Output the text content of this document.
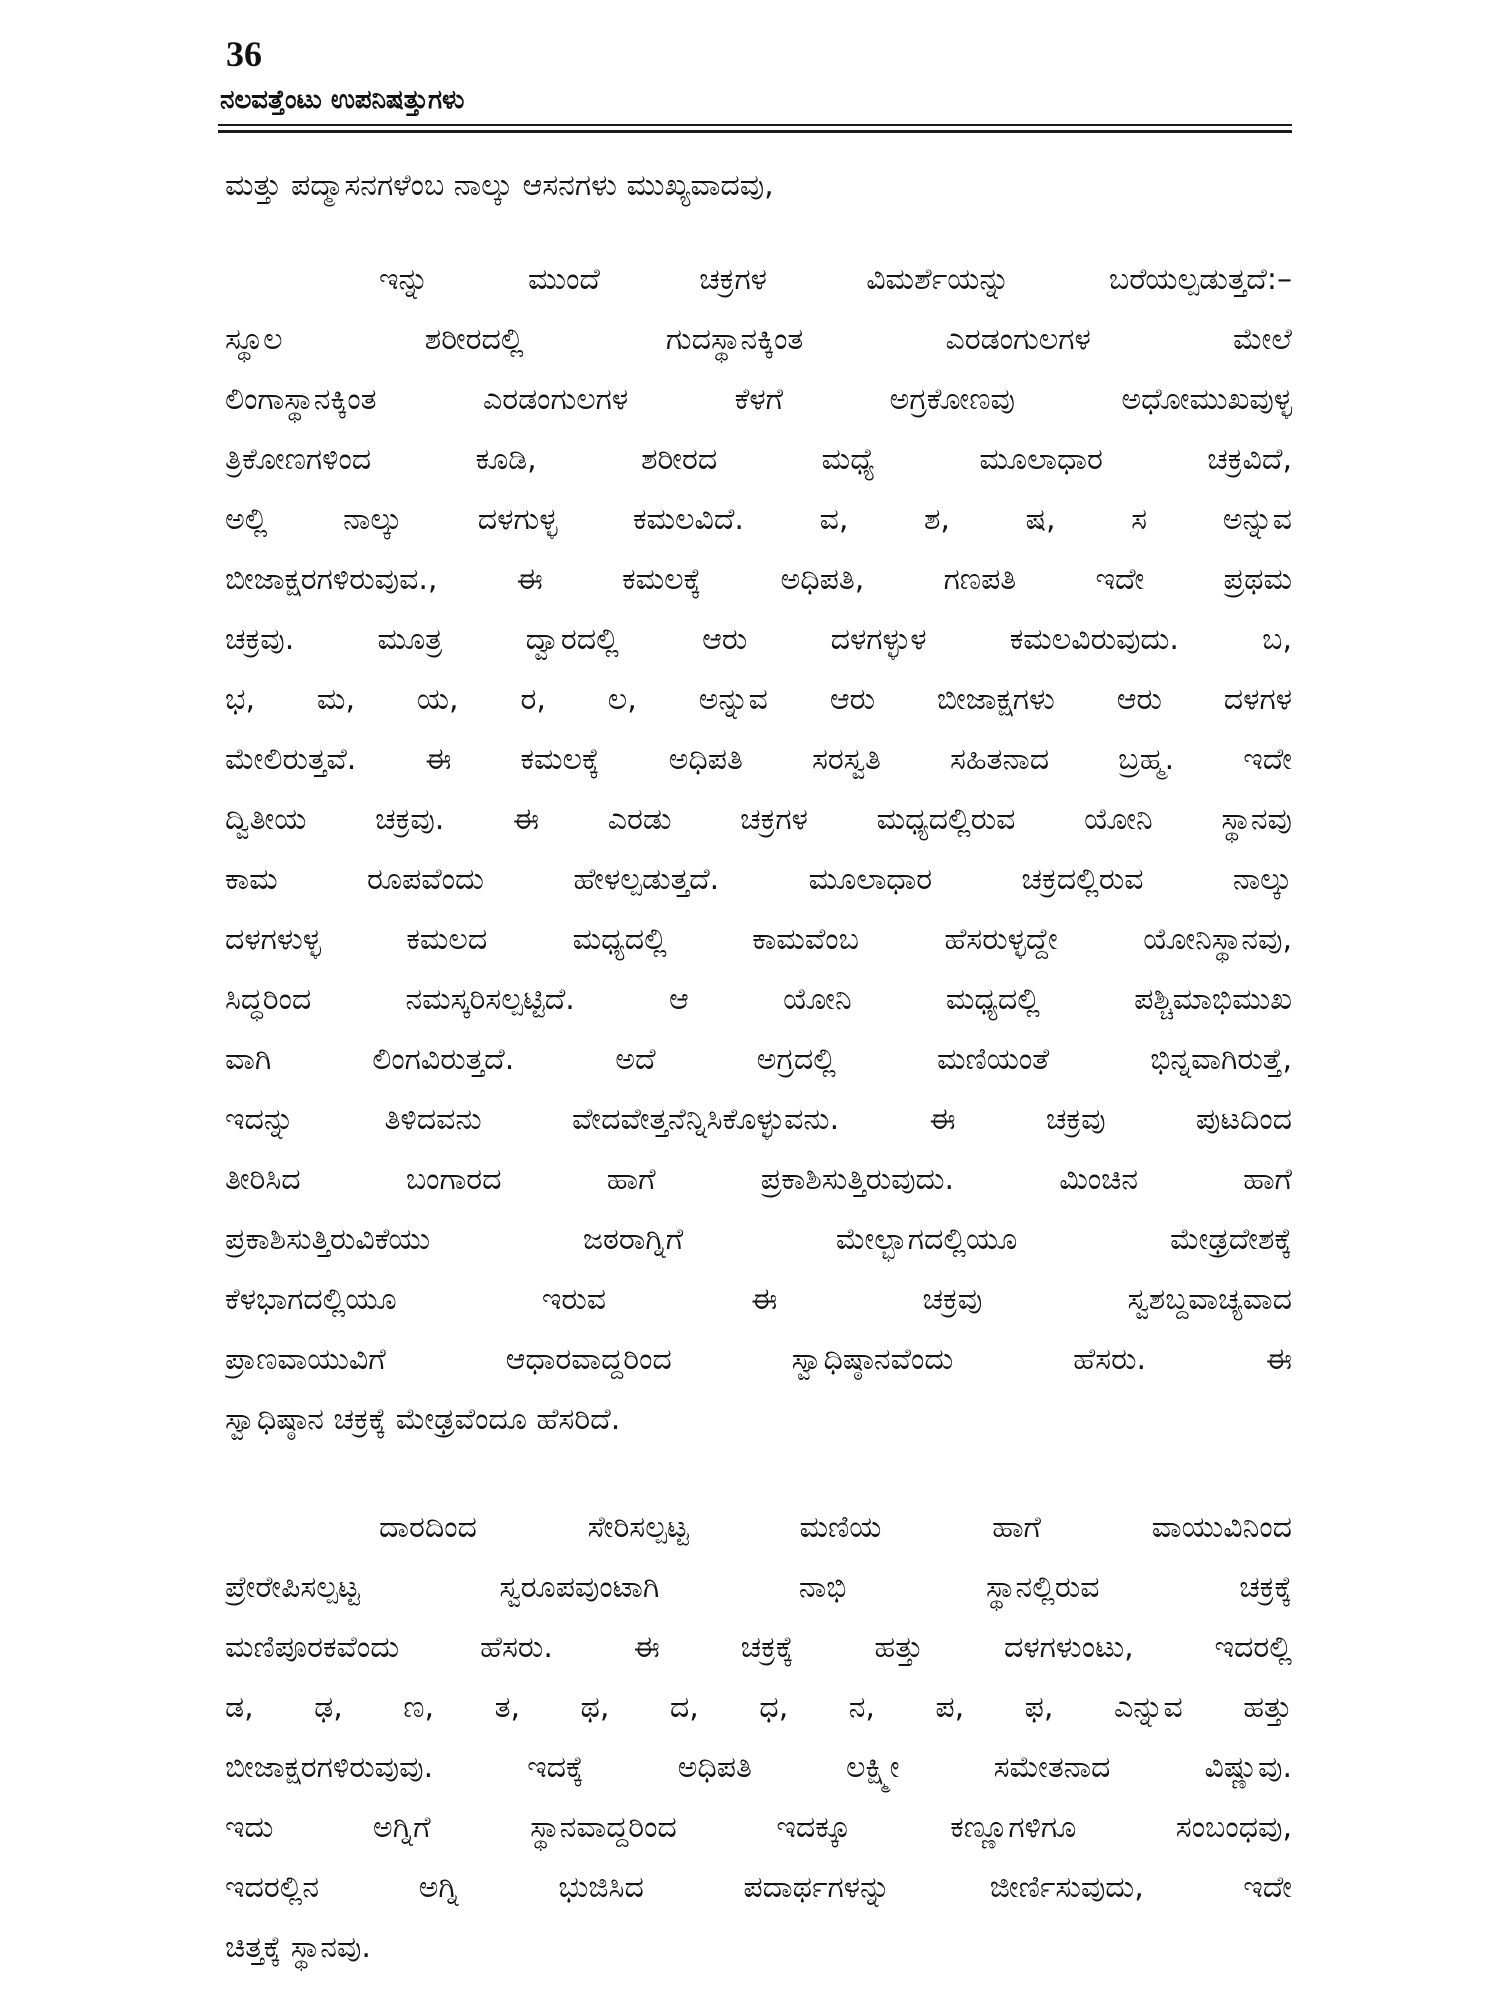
36
ನಲವತ್ತೆಂಟು ಉಪನಿಷತ್ತುಗಳು
ಮತ್ತು ಪದ್ಮಾಸನಗಳೆಂಬ ನಾಲ್ಕು ಆಸನಗಳು ಮುಖ್ಯವಾದವು,
ಇನ್ನು ಮುಂದೆ ಚಕ್ರಗಳ ವಿಮರ್ಶೆಯನ್ನು ಬರೆಯಲ್ಪಡುತ್ತದೆ:–
ಸ್ಥೂಲ ಶರೀರದಲ್ಲಿ ಗುದಸ್ಥಾನಕ್ಕಿಂತ ಎರಡಂಗುಲಗಳ ಮೇಲೆ
ಲಿಂಗಾಸ್ಥಾನಕ್ಕಿಂತ ಎರಡಂಗುಲಗಳ ಕೆಳಗೆ ಅಗ್ರಕೋಣವು ಅಧೋಮುಖವುಳ್ಳ
ತ್ರಿಕೋಣಗಳಿಂದ ಕೂಡಿ, ಶರೀರದ ಮಧ್ಯೆ ಮೂಲಾಧಾರ ಚಕ್ರವಿದೆ,
ಅಲ್ಲಿ ನಾಲ್ಕು ದಳಗುಳ್ಳ ಕಮಲವಿದೆ. ವ, ಶ, ಷ, ಸ ಅನ್ನುವ
ಬೀಜಾಕ್ಷರಗಳಿರುವುವ., ಈ ಕಮಲಕ್ಕೆ ಅಧಿಪತಿ, ಗಣಪತಿ ಇದೇ ಪ್ರಥಮ
ಚಕ್ರವು. ಮೂತ್ರ ದ್ವಾರದಲ್ಲಿ ಆರು ದಳಗಳ್ಳುಳ ಕಮಲವಿರುವುದು. ಬ,
ಭ, ಮ, ಯ, ರ, ಲ, ಅನ್ನುವ ಆರು ಬೀಜಾಕ್ಷಗಳು ಆರು ದಳಗಳ
ಮೇಲಿರುತ್ತವೆ. ಈ ಕಮಲಕ್ಕೆ ಅಧಿಪತಿ ಸರಸ್ವತಿ ಸಹಿತನಾದ ಬ್ರಹ್ಮ. ಇದೇ
ದ್ವಿತೀಯ ಚಕ್ರವು. ಈ ಎರಡು ಚಕ್ರಗಳ ಮಧ್ಯದಲ್ಲಿರುವ ಯೋನಿ ಸ್ಥಾನವು
ಕಾಮ ರೂಪವೆಂದು ಹೇಳಲ್ಪಡುತ್ತದೆ. ಮೂಲಾಧಾರ ಚಕ್ರದಲ್ಲಿರುವ ನಾಲ್ಕು
ದಳಗಳುಳ್ಳ ಕಮಲದ ಮಧ್ಯದಲ್ಲಿ ಕಾಮವೆಂಬ ಹೆಸರುಳ್ಳದ್ದೇ ಯೋನಿಸ್ಥಾನವು,
ಸಿದ್ಧರಿಂದ ನಮಸ್ಕರಿಸಲ್ಪಟ್ಟಿದೆ. ಆ ಯೋನಿ ಮಧ್ಯದಲ್ಲಿ ಪಶ್ಚಿಮಾಭಿಮುಖ
ವಾಗಿ ಲಿಂಗವಿರುತ್ತದೆ. ಅದೆ ಅಗ್ರದಲ್ಲಿ ಮಣಿಯಂತೆ ಭಿನ್ನವಾಗಿರುತ್ತೆ,
ಇದನ್ನು ತಿಳಿದವನು ವೇದವೇತ್ತನೆನ್ನಿಸಿಕೊಳ್ಳುವನು. ಈ ಚಕ್ರವು ಪುಟದಿಂದ
ತೀರಿಸಿದ ಬಂಗಾರದ ಹಾಗೆ ಪ್ರಕಾಶಿಸುತ್ತಿರುವುದು. ಮಿಂಚಿನ ಹಾಗೆ
ಪ್ರಕಾಶಿಸುತ್ತಿರುವಿಕೆಯು ಜಠರಾಗ್ನಿಗೆ ಮೇಲ್ಭಾಗದಲ್ಲಿಯೂ ಮೇಢ್ರದೇಶಕ್ಕೆ
ಕೆಳಭಾಗದಲ್ಲಿಯೂ ಇರುವ ಈ ಚಕ್ರವು ಸ್ವಶಬ್ದವಾಚ್ಯವಾದ
ಪ್ರಾಣವಾಯುವಿಗೆ ಆಧಾರವಾದ್ದರಿಂದ ಸ್ವಾಧಿಷ್ಠಾನವೆಂದು ಹೆಸರು. ಈ
ಸ್ವಾಧಿಷ್ಠಾನ ಚಕ್ರಕ್ಕೆ ಮೇಢ್ರವೆಂದೂ ಹೆಸರಿದೆ.
ದಾರದಿಂದ ಸೇರಿಸಲ್ಪಟ್ಟ ಮಣಿಯ ಹಾಗೆ ವಾಯುವಿನಿಂದ
ಪ್ರೇರೇಪಿಸಲ್ಪಟ್ಟ ಸ್ವರೂಪವುಂಟಾಗಿ ನಾಭಿ ಸ್ಥಾನಲ್ಲಿರುವ ಚಕ್ರಕ್ಕೆ
ಮಣಿಪೂರಕವೆಂದು ಹೆಸರು. ಈ ಚಕ್ರಕ್ಕೆ ಹತ್ತು ದಳಗಳುಂಟು, ಇದರಲ್ಲಿ
ಡ, ಢ, ಣ, ತ, ಥ, ದ, ಧ, ನ, ಪ, ಫ, ಎನ್ನುವ ಹತ್ತು
ಬೀಜಾಕ್ಷರಗಳಿರುವುವು. ಇದಕ್ಕೆ ಅಧಿಪತಿ ಲಕ್ಷ್ಮೀ ಸಮೇತನಾದ ವಿಷ್ಣುವು.
ಇದು ಅಗ್ನಿಗೆ ಸ್ಥಾನವಾದ್ದರಿಂದ ಇದಕ್ಕೂ ಕಣ್ಣೂಗಳಿಗೂ ಸಂಬಂಧವು,
ಇದರಲ್ಲಿನ ಅಗ್ನಿ ಭುಜಿಸಿದ ಪದಾರ್ಥಗಳನ್ನು ಜೀರ್ಣಿಸುವುದು, ಇದೇ
ಚಿತ್ತಕ್ಕೆ ಸ್ಥಾನವು.
